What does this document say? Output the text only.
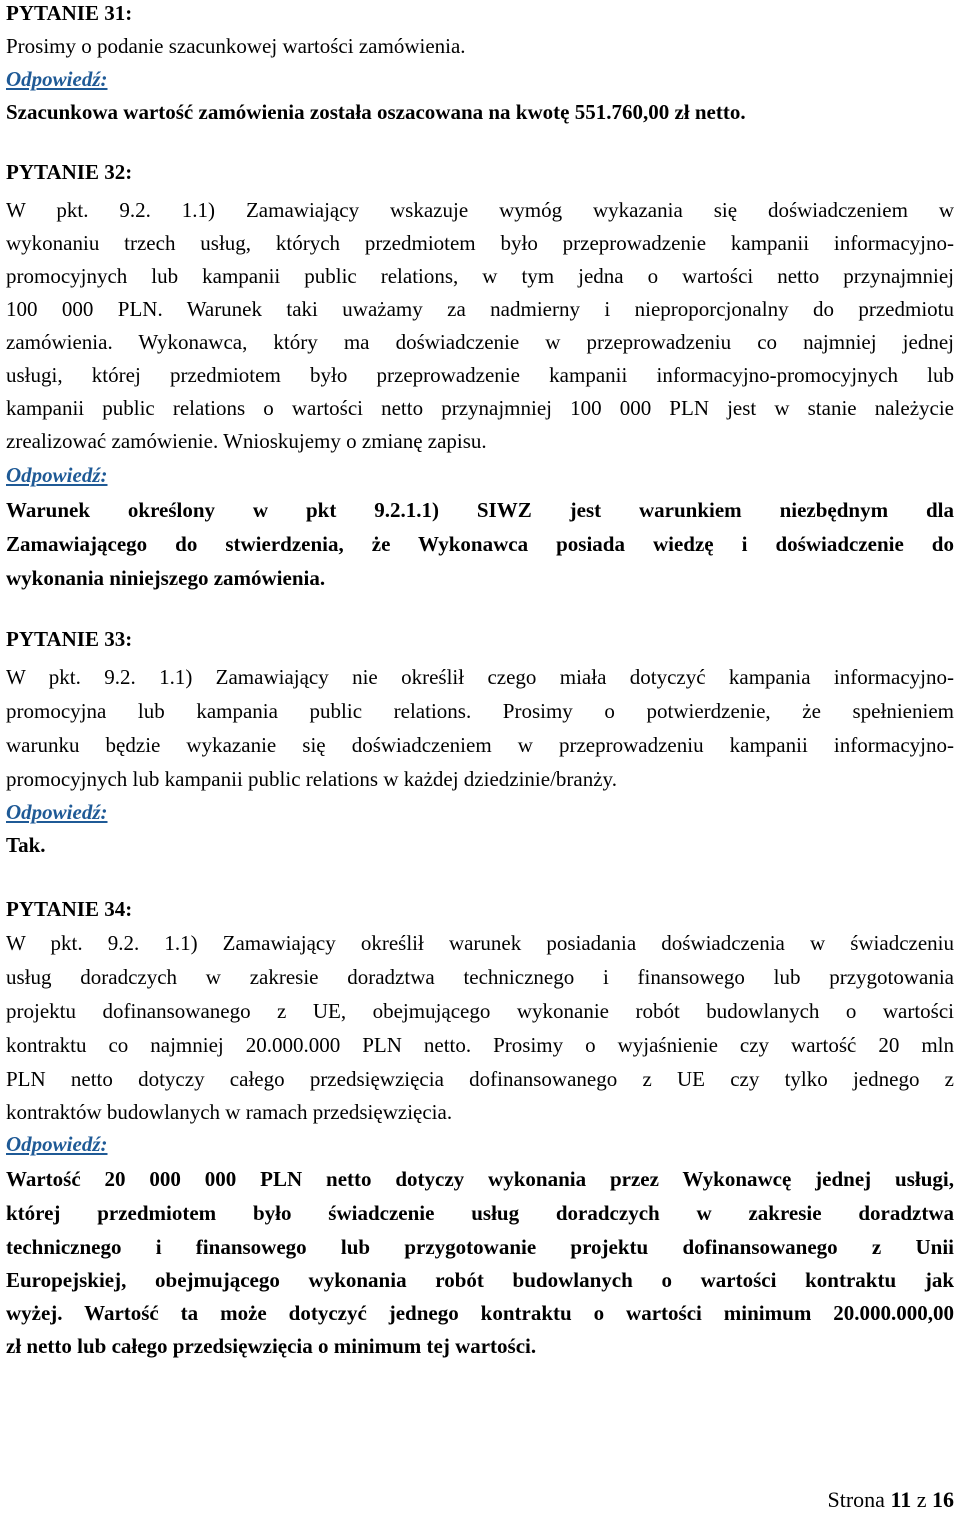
PYTANIE 31:
Prosimy o podanie szacunkowej wartości zamówienia.
Odpowiedź:
Szacunkowa wartość zamówienia została oszacowana na kwotę 551.760,00 zł netto.
PYTANIE 32:
W pkt. 9.2. 1.1) Zamawiający wskazuje wymóg wykazania się doświadczeniem w
wykonaniu trzech usług, których przedmiotem było przeprowadzenie kampanii informacyjno-
promocyjnych lub kampanii public relations, w tym jedna o wartości netto przynajmniej
100 000 PLN. Warunek taki uważamy za nadmierny i nieproporcjonalny do przedmiotu
zamówienia. Wykonawca, który ma doświadczenie w przeprowadzeniu co najmniej jednej
usługi, której przedmiotem było przeprowadzenie kampanii informacyjno-promocyjnych lub
kampanii public relations o wartości netto przynajmniej 100 000 PLN jest w stanie należycie
zrealizować zamówienie. Wnioskujemy o zmianę zapisu.
Odpowiedź:
Warunek określony w pkt 9.2.1.1) SIWZ jest warunkiem niezbędnym dla
Zamawiającego do stwierdzenia, że Wykonawca posiada wiedzę i doświadczenie do
wykonania niniejszego zamówienia.
PYTANIE 33:
W pkt. 9.2. 1.1) Zamawiający nie określił czego miała dotyczyć kampania informacyjno-
promocyjna lub kampania public relations. Prosimy o potwierdzenie, że spełnieniem
warunku będzie wykazanie się doświadczeniem w przeprowadzeniu kampanii informacyjno-
promocyjnych lub kampanii public relations w każdej dziedzinie/branży.
Odpowiedź:
Tak.
PYTANIE 34:
W pkt. 9.2. 1.1) Zamawiający określił warunek posiadania doświadczenia w świadczeniu
usług doradczych w zakresie doradztwa technicznego i finansowego lub przygotowania
projektu dofinansowanego z UE, obejmującego wykonanie robót budowlanych o wartości
kontraktu co najmniej 20.000.000 PLN netto. Prosimy o wyjaśnienie czy wartość 20 mln
PLN netto dotyczy całego przedsięwzięcia dofinansowanego z UE czy tylko jednego z
kontraktów budowlanych w ramach przedsięwzięcia.
Odpowiedź:
Wartość 20 000 000 PLN netto dotyczy wykonania przez Wykonawcę jednej usługi,
której przedmiotem było świadczenie usług doradczych w zakresie doradztwa
technicznego i finansowego lub przygotowanie projektu dofinansowanego z Unii
Europejskiej, obejmującego wykonania robót budowlanych o wartości kontraktu jak
wyżej. Wartość ta może dotyczyć jednego kontraktu o wartości minimum 20.000.000,00
zł netto lub całego przedsięwzięcia o minimum tej wartości.
Strona 11 z 16
